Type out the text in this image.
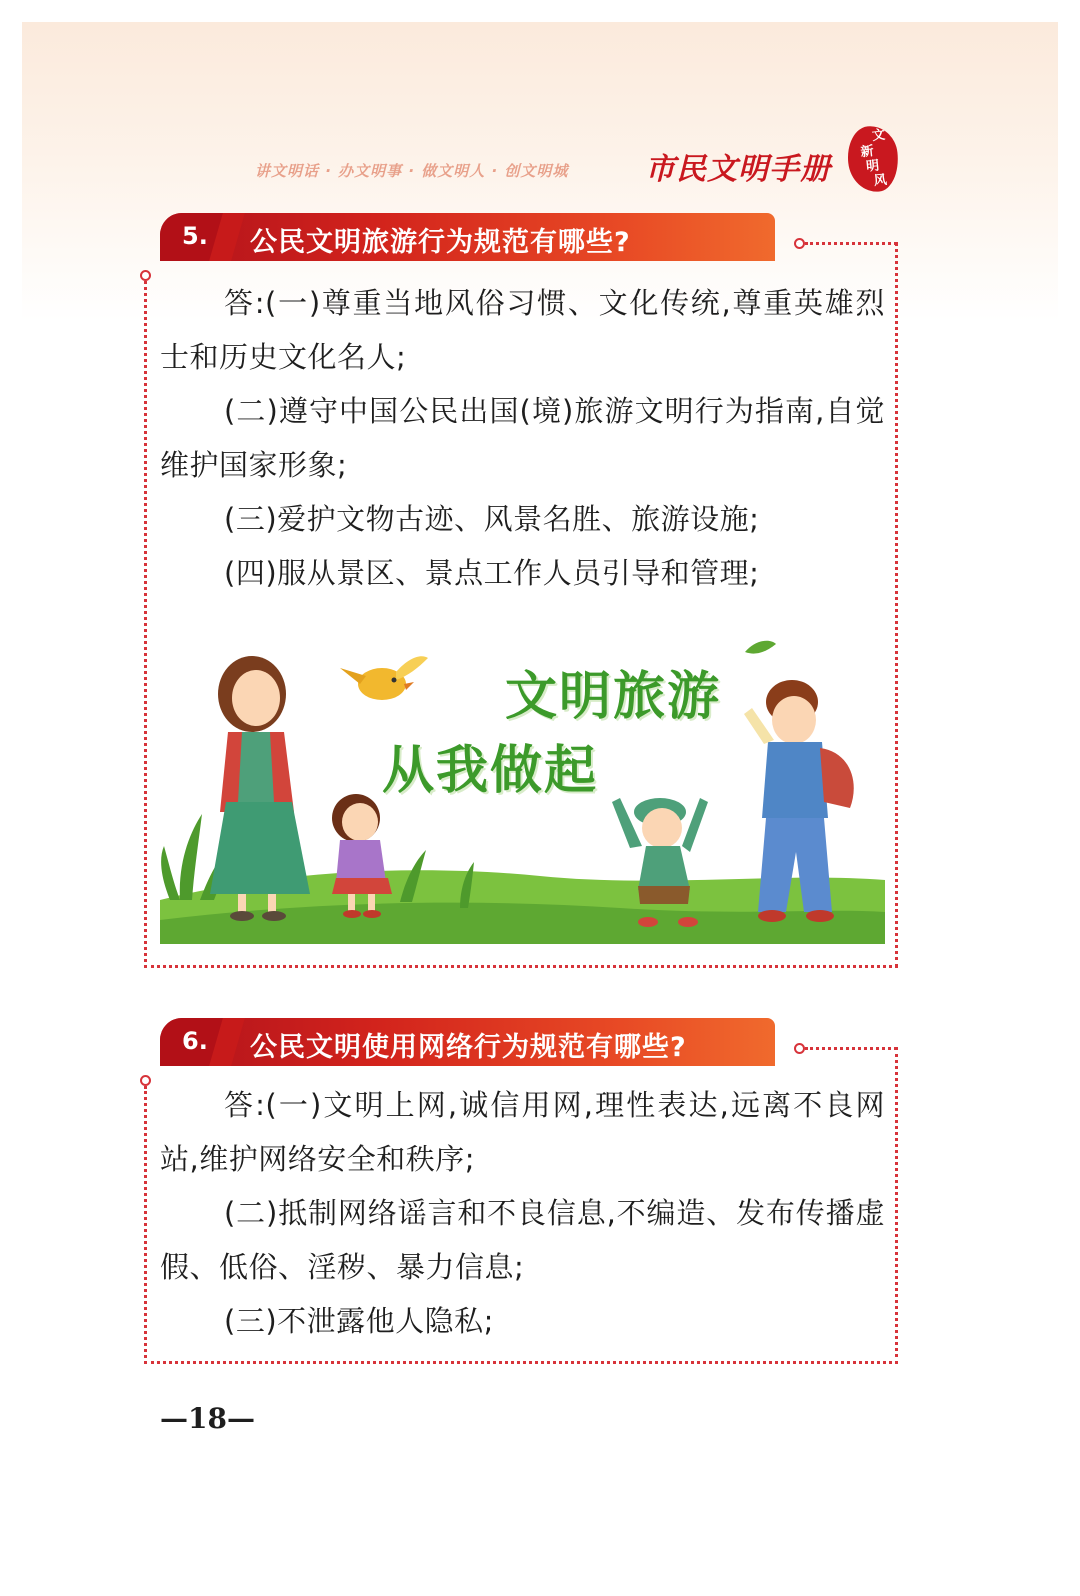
讲文明话 · 办文明事 · 做文明人 · 创文明城	市民文明手册
文
新
明
风
5. 公民文明旅游行为规范有哪些?

答:(一)尊重当地风俗习惯、文化传统,尊重英雄烈士和历史文化名人;

(二)遵守中国公民出国(境)旅游文明行为指南,自觉维护国家形象;

(三)爱护文物古迹、风景名胜、旅游设施;

(四)服从景区、景点工作人员引导和管理;

文明旅游
从我做起
6. 公民文明使用网络行为规范有哪些?

答:(一)文明上网,诚信用网,理性表达,远离不良网站,维护网络安全和秩序;

(二)抵制网络谣言和不良信息,不编造、发布传播虚假、低俗、淫秽、暴力信息;

(三)不泄露他人隐私;

—18—
